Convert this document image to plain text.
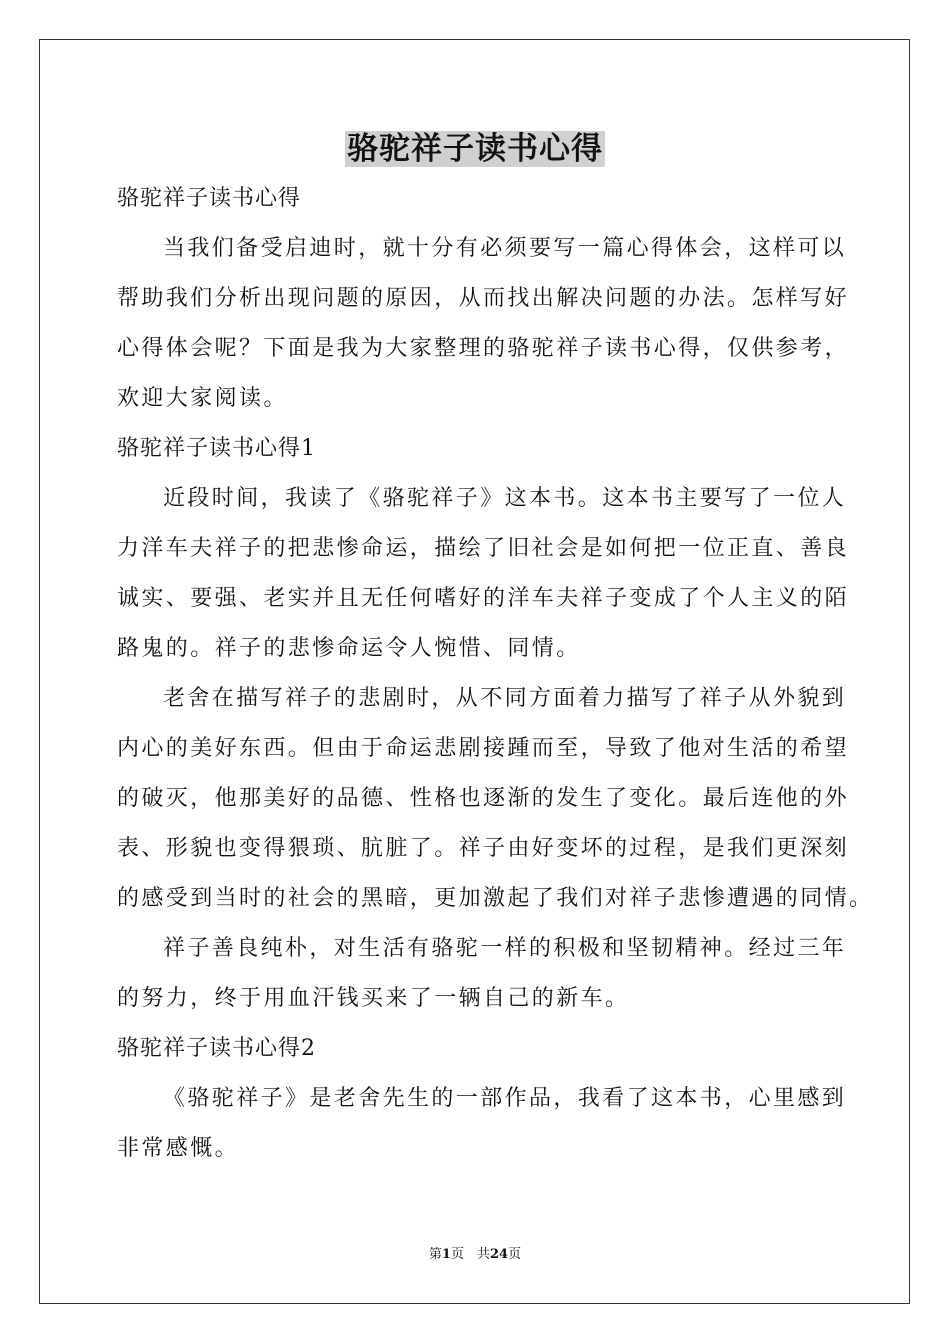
骆驼祥子读书心得
骆驼祥子读书心得
当我们备受启迪时，就十分有必须要写一篇心得体会，这样可以
帮助我们分析出现问题的原因，从而找出解决问题的办法。怎样写好
心得体会呢？下面是我为大家整理的骆驼祥子读书心得，仅供参考，
欢迎大家阅读。
骆驼祥子读书心得1
近段时间，我读了《骆驼祥子》这本书。这本书主要写了一位人
力洋车夫祥子的把悲惨命运，描绘了旧社会是如何把一位正直、善良
诚实、要强、老实并且无任何嗜好的洋车夫祥子变成了个人主义的陌
路鬼的。祥子的悲惨命运令人惋惜、同情。
老舍在描写祥子的悲剧时，从不同方面着力描写了祥子从外貌到
内心的美好东西。但由于命运悲剧接踵而至，导致了他对生活的希望
的破灭，他那美好的品德、性格也逐渐的发生了变化。最后连他的外
表、形貌也变得猥琐、肮脏了。祥子由好变坏的过程，是我们更深刻
的感受到当时的社会的黑暗，更加激起了我们对祥子悲惨遭遇的同情。
祥子善良纯朴，对生活有骆驼一样的积极和坚韧精神。经过三年
的努力，终于用血汗钱买来了一辆自己的新车。
骆驼祥子读书心得2
《骆驼祥子》是老舍先生的一部作品，我看了这本书，心里感到
非常感慨。
第1页　共24页
